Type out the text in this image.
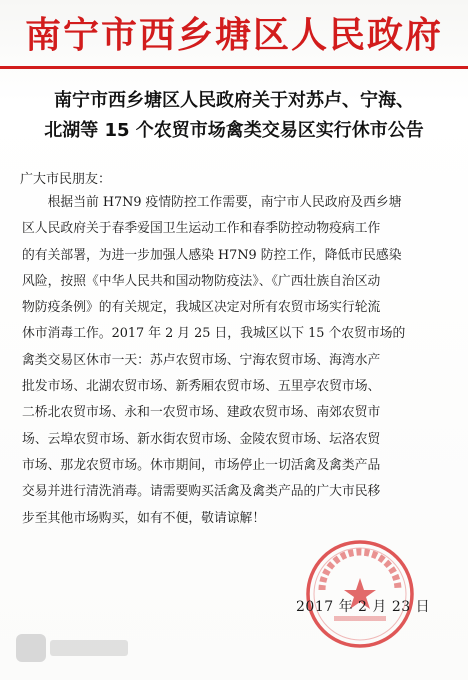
南宁市西乡塘区人民政府
南宁市西乡塘区人民政府关于对苏卢、宁海、
北湖等 15 个农贸市场禽类交易区实行休市公告
广大市民朋友：
根据当前 H7N9 疫情防控工作需要，南宁市人民政府及西乡塘
区人民政府关于春季爱国卫生运动工作和春季防控动物疫病工作
的有关部署，为进一步加强人感染 H7N9 防控工作，降低市民感染
风险，按照《中华人民共和国动物防疫法》、《广西壮族自治区动
物防疫条例》的有关规定，我城区决定对所有农贸市场实行轮流
休市消毒工作。2017 年 2 月 25 日，我城区以下 15 个农贸市场的
禽类交易区休市一天：苏卢农贸市场、宁海农贸市场、海湾水产
批发市场、北湖农贸市场、新秀厢农贸市场、五里亭农贸市场、
二桥北农贸市场、永和一农贸市场、建政农贸市场、南郊农贸市
场、云埠农贸市场、新水街农贸市场、金陵农贸市场、坛洛农贸
市场、那龙农贸市场。休市期间，市场停止一切活禽及禽类产品
交易并进行清洗消毒。请需要购买活禽及禽类产品的广大市民移
步至其他市场购买，如有不便，敬请谅解！
2017 年 2 月 23 日
